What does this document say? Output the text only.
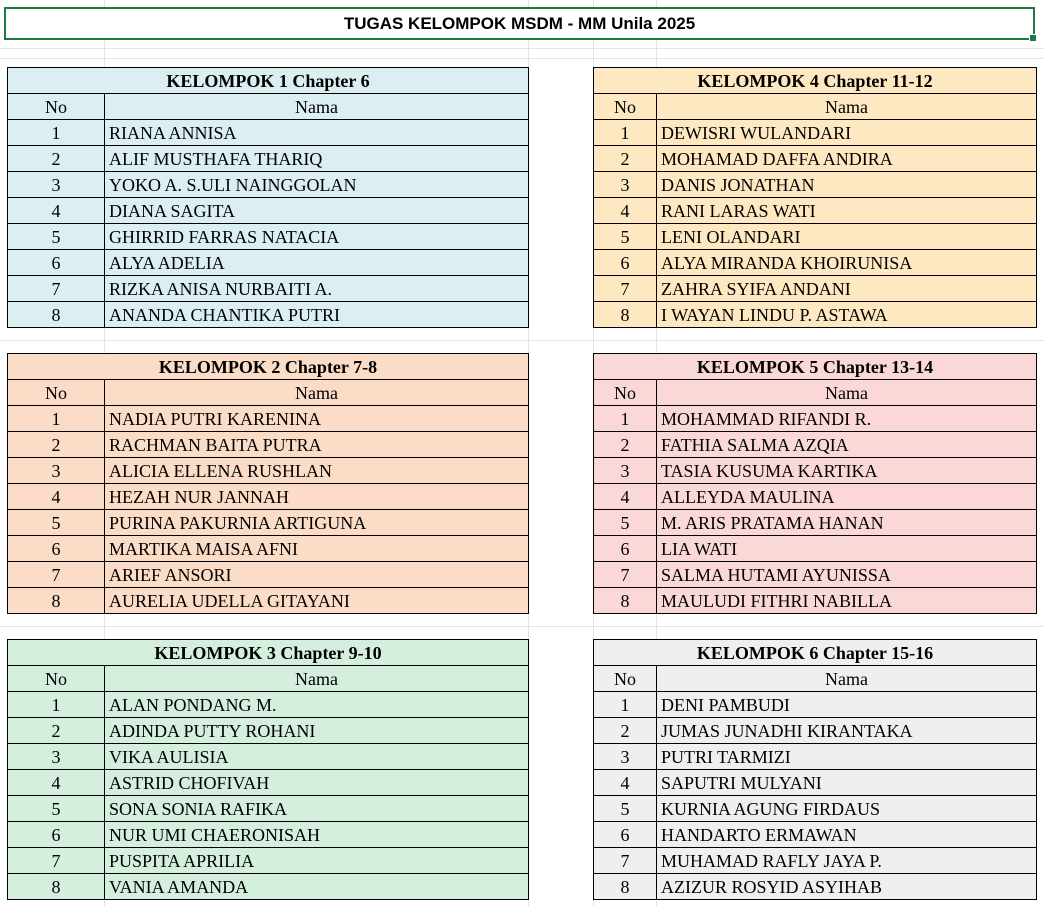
TUGAS KELOMPOK MSDM - MM Unila 2025
KELOMPOK 1 Chapter 6	
No	Nama
1	RIANA ANNISA
2	ALIF MUSTHAFA THARIQ
3	YOKO A. S.ULI NAINGGOLAN
4	DIANA SAGITA
5	GHIRRID FARRAS NATACIA
6	ALYA ADELIA
7	RIZKA ANISA NURBAITI A.
8	ANANDA CHANTIKA PUTRI
KELOMPOK 2 Chapter 7-8	
No	Nama
1	NADIA PUTRI KARENINA
2	RACHMAN BAITA PUTRA
3	ALICIA ELLENA RUSHLAN
4	HEZAH NUR JANNAH
5	PURINA PAKURNIA ARTIGUNA
6	MARTIKA MAISA AFNI
7	ARIEF ANSORI
8	AURELIA UDELLA GITAYANI
KELOMPOK 3 Chapter 9-10	
No	Nama
1	ALAN PONDANG M.
2	ADINDA PUTTY ROHANI
3	VIKA AULISIA
4	ASTRID CHOFIVAH
5	SONA SONIA RAFIKA
6	NUR UMI CHAERONISAH
7	PUSPITA APRILIA
8	VANIA AMANDA
KELOMPOK 4 Chapter 11-12	
No	Nama
1	DEWISRI WULANDARI
2	MOHAMAD DAFFA ANDIRA
3	DANIS JONATHAN
4	RANI LARAS WATI
5	LENI OLANDARI
6	ALYA MIRANDA KHOIRUNISA
7	ZAHRA SYIFA ANDANI
8	I WAYAN LINDU P. ASTAWA
KELOMPOK 5 Chapter 13-14	
No	Nama
1	MOHAMMAD RIFANDI R.
2	FATHIA SALMA AZQIA
3	TASIA KUSUMA KARTIKA
4	ALLEYDA MAULINA
5	M. ARIS PRATAMA HANAN
6	LIA WATI
7	SALMA HUTAMI AYUNISSA
8	MAULUDI FITHRI NABILLA
KELOMPOK 6 Chapter 15-16	
No	Nama
1	DENI PAMBUDI
2	JUMAS JUNADHI KIRANTAKA
3	PUTRI TARMIZI
4	SAPUTRI MULYANI
5	KURNIA AGUNG FIRDAUS
6	HANDARTO ERMAWAN
7	MUHAMAD RAFLY JAYA P.
8	AZIZUR ROSYID ASYIHAB
